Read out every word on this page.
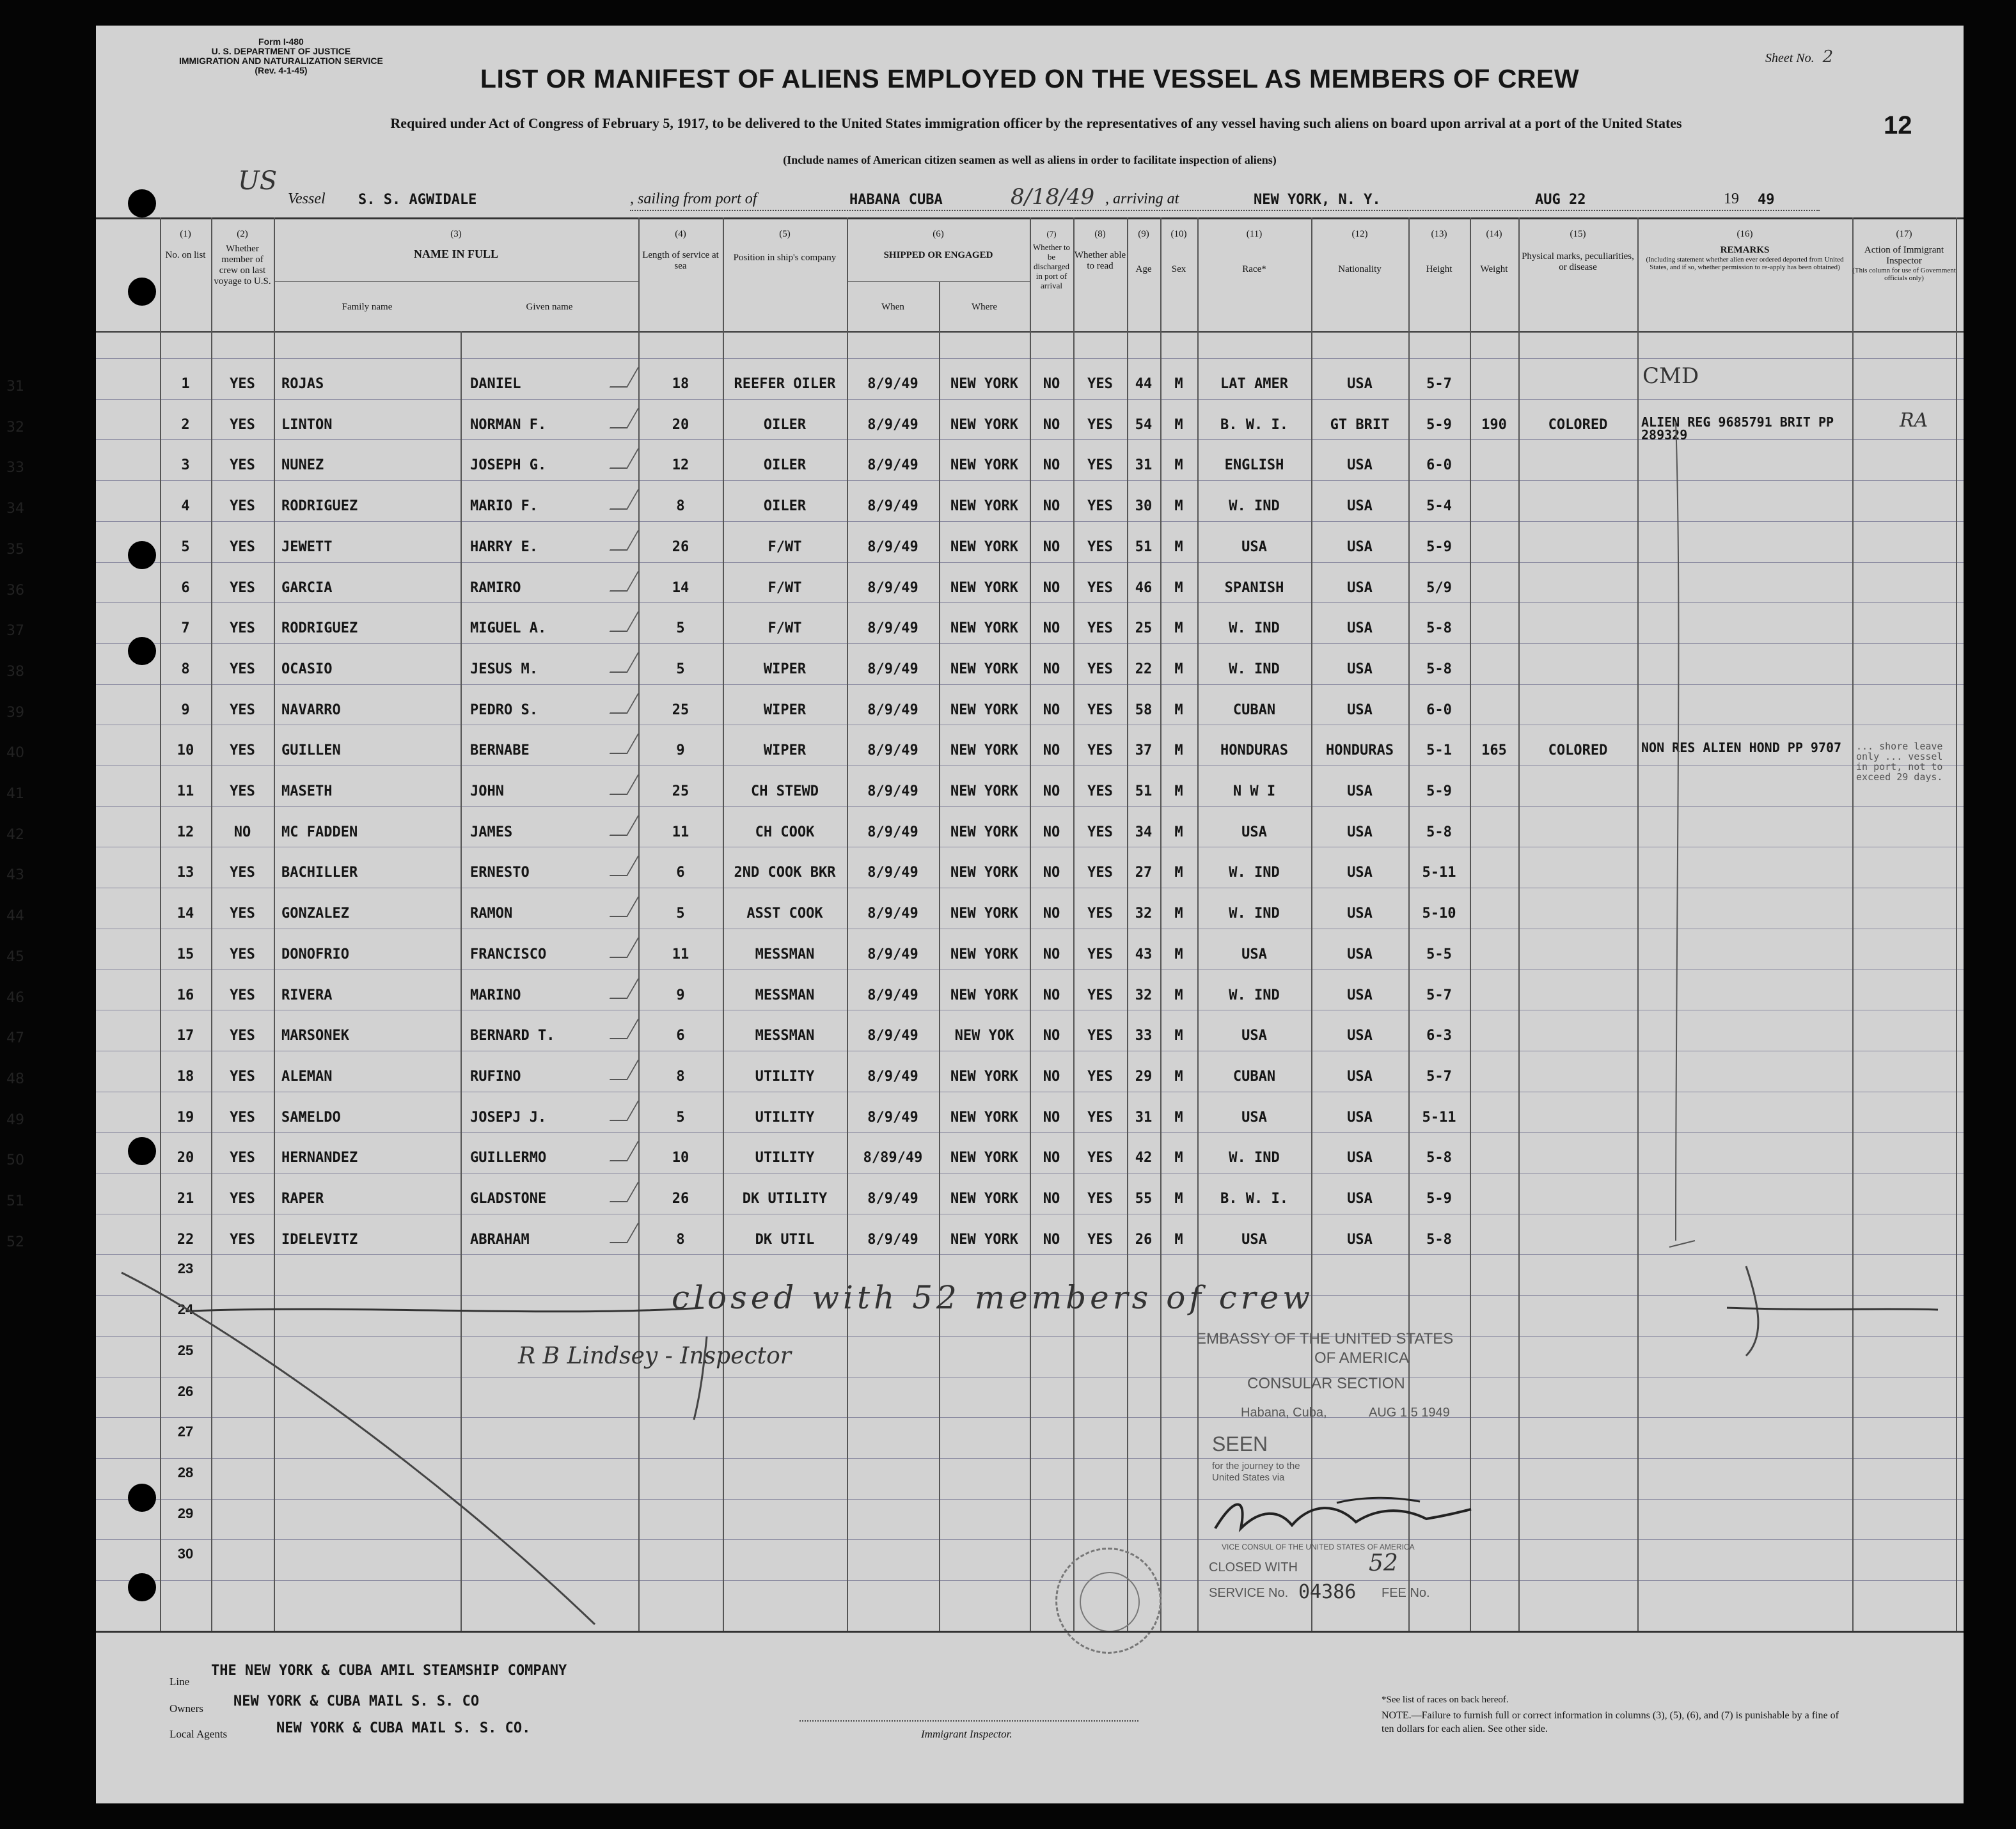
Form I-480
U. S. DEPARTMENT OF JUSTICE
IMMIGRATION AND NATURALIZATION SERVICE
(Rev. 4-1-45)
Sheet No. 2
LIST OR MANIFEST OF ALIENS EMPLOYED ON THE VESSEL AS MEMBERS OF CREW
Required under Act of Congress of February 5, 1917, to be delivered to the United States immigration officer by the representatives of any vessel having such aliens on board upon arrival at a port of the United States	12
(Include names of American citizen seamen as well as aliens in order to facilitate inspection of aliens)
US
Vessel S. S. AGWIDALE	, sailing from port of	HABANA CUBA	8/18/49 , arriving at	NEW YORK, N. Y.	AUG 22	19 49
(1)
No. on list
(2)
Whether member of crew on last voyage to U.S.
(3)
NAME IN FULL
Family name	Given name
(4)
Length of service at sea
(5)
Position in ship's company
(6)
SHIPPED OR ENGAGED
When	Where
(7)
Whether to be discharged in port of arrival
(8)
Whether able to read
(9)
Age
(10)
Sex
(11)
Race*
(12)
Nationality
(13)
Height
(14)
Weight
(15)
Physical marks, peculiarities, or disease
(16)
REMARKS
(Including statement whether alien ever ordered deported from United States, and if so, whether permission to re-apply has been obtained)
(17)
Action of Immigrant Inspector
(This column for use of Government officials only)
31	1	YES	ROJAS	DANIEL	18	REEFER OILER	8/9/49	NEW YORK	NO	YES	44	M	LAT AMER	USA	5-7
32	2	YES	LINTON	NORMAN F.	20	OILER	8/9/49	NEW YORK	NO	YES	54	M	B. W. I.	GT BRIT	5-9	190	COLORED	ALIEN REG 9685791 BRIT PP 289329
RA
33	3	YES	NUNEZ	JOSEPH G.	12	OILER	8/9/49	NEW YORK	NO	YES	31	M	ENGLISH	USA	6-0
34	4	YES	RODRIGUEZ	MARIO F.	8	OILER	8/9/49	NEW YORK	NO	YES	30	M	W. IND	USA	5-4
35	5	YES	JEWETT	HARRY E.	26	F/WT	8/9/49	NEW YORK	NO	YES	51	M	USA	USA	5-9
36	6	YES	GARCIA	RAMIRO	14	F/WT	8/9/49	NEW YORK	NO	YES	46	M	SPANISH	USA	5/9
37	7	YES	RODRIGUEZ	MIGUEL A.	5	F/WT	8/9/49	NEW YORK	NO	YES	25	M	W. IND	USA	5-8
38	8	YES	OCASIO	JESUS M.	5	WIPER	8/9/49	NEW YORK	NO	YES	22	M	W. IND	USA	5-8
39	9	YES	NAVARRO	PEDRO S.	25	WIPER	8/9/49	NEW YORK	NO	YES	58	M	CUBAN	USA	6-0
40	10	YES	GUILLEN	BERNABE	9	WIPER	8/9/49	NEW YORK	NO	YES	37	M	HONDURAS	HONDURAS	5-1	165	COLORED	NON RES ALIEN HOND PP 9707	... shore leave only ... vessel in port, not to exceed 29 days.
41	11	YES	MASETH	JOHN	25	CH STEWD	8/9/49	NEW YORK	NO	YES	51	M	N W I	USA	5-9
42	12	NO	MC FADDEN	JAMES	11	CH COOK	8/9/49	NEW YORK	NO	YES	34	M	USA	USA	5-8
43	13	YES	BACHILLER	ERNESTO	6	2ND COOK BKR	8/9/49	NEW YORK	NO	YES	27	M	W. IND	USA	5-11
44	14	YES	GONZALEZ	RAMON	5	ASST COOK	8/9/49	NEW YORK	NO	YES	32	M	W. IND	USA	5-10
45	15	YES	DONOFRIO	FRANCISCO	11	MESSMAN	8/9/49	NEW YORK	NO	YES	43	M	USA	USA	5-5
46	16	YES	RIVERA	MARINO	9	MESSMAN	8/9/49	NEW YORK	NO	YES	32	M	W. IND	USA	5-7
47	17	YES	MARSONEK	BERNARD T.	6	MESSMAN	8/9/49	NEW YOK	NO	YES	33	M	USA	USA	6-3
48	18	YES	ALEMAN	RUFINO	8	UTILITY	8/9/49	NEW YORK	NO	YES	29	M	CUBAN	USA	5-7
49	19	YES	SAMELDO	JOSEPJ J.	5	UTILITY	8/9/49	NEW YORK	NO	YES	31	M	USA	USA	5-11
50	20	YES	HERNANDEZ	GUILLERMO	10	UTILITY	8/89/49	NEW YORK	NO	YES	42	M	W. IND	USA	5-8
51	21	YES	RAPER	GLADSTONE	26	DK UTILITY	8/9/49	NEW YORK	NO	YES	55	M	B. W. I.	USA	5-9
52	22	YES	IDELEVITZ	ABRAHAM	8	DK UTIL	8/9/49	NEW YORK	NO	YES	26	M	USA	USA	5-8
23
24
25
26
27
28
29
30
CMD
closed with 52 members of crew
R B Lindsey - Inspector
EMBASSY OF THE UNITED STATES
OF AMERICA
CONSULAR SECTION
Habana, Cuba,	AUG 1 5 1949
SEEN
for the journey to the
United States via
VICE CONSUL OF THE UNITED STATES OF AMERICA
CLOSED WITH	52
SERVICE No. 04386 FEE No.
Line
THE NEW YORK & CUBA AMIL STEAMSHIP COMPANY
Owners NEW YORK & CUBA MAIL S. S. CO
Local Agents	NEW YORK & CUBA MAIL S. S. CO.	Immigrant Inspector.
*See list of races on back hereof.
NOTE.—Failure to furnish full or correct information in columns (3), (5), (6), and (7) is punishable by a fine of ten dollars for each alien. See other side.
